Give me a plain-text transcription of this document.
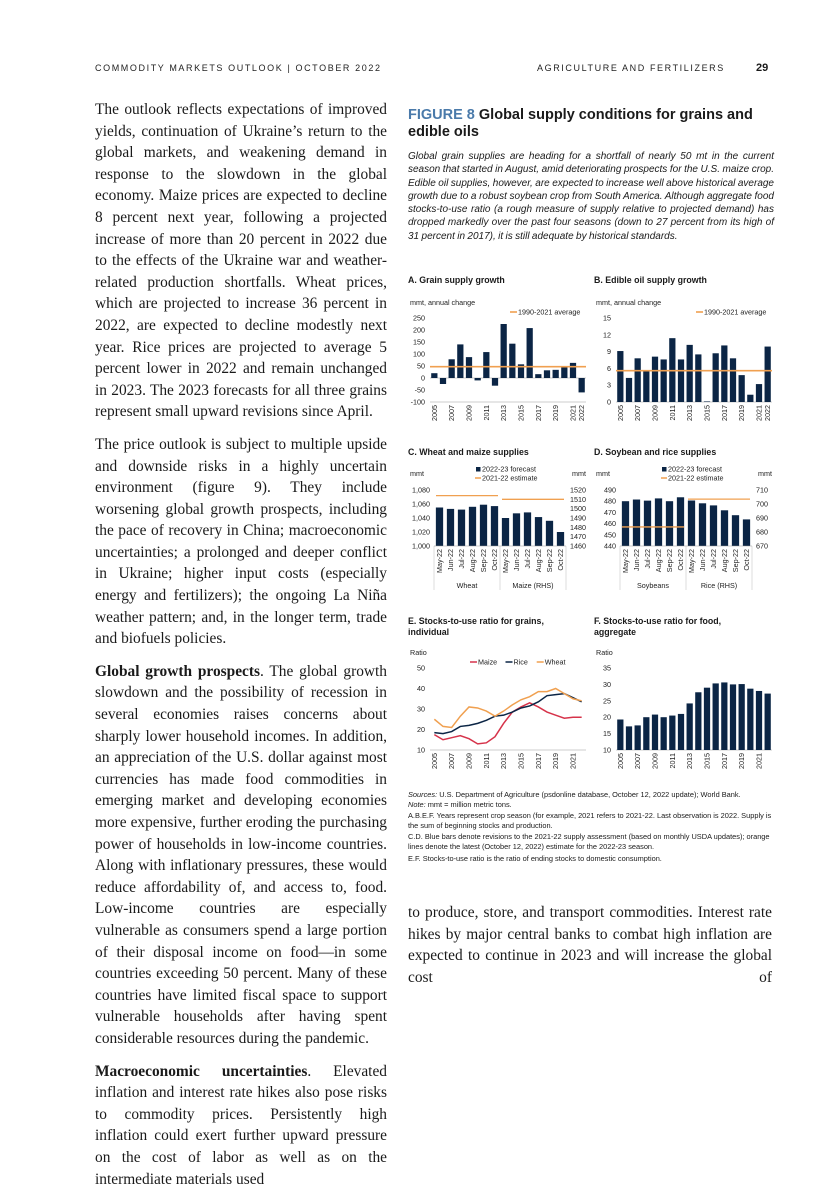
COMMODITY MARKETS OUTLOOK | OCTOBER 2022	AGRICULTURE AND FERTILIZERS	29

The outlook reflects expectations of improved yields, continuation of Ukraine’s return to the global markets, and weakening demand in response to the slowdown in the global economy. Maize prices are expected to decline 8 percent next year, following a projected increase of more than 20 percent in 2022 due to the effects of the Ukraine war and weather-related production shortfalls. Wheat prices, which are projected to increase 36 percent in 2022, are expected to decline modestly next year. Rice prices are projected to average 5 percent lower in 2022 and remain unchanged in 2023. The 2023 forecasts for all three grains represent small upward revisions since April.

The price outlook is subject to multiple upside and downside risks in a highly uncertain environment (figure 9). They include worsening global growth prospects, including the pace of recovery in China; macroeconomic uncertainties; a prolonged and deeper conflict in Ukraine; higher input costs (especially energy and fertilizers); the ongoing La Niña weather pattern; and, in the longer term, trade and biofuels policies.

Global growth prospects. The global growth slowdown and the possibility of recession in several economies raises concerns about sharply lower household incomes. In addition, an appreciation of the U.S. dollar against most currencies has made food commodities in emerging market and developing economies more expensive, further eroding the purchasing power of households in low-income countries. Along with inflationary pressures, these would reduce affordability of, and access to, food. Low-income countries are especially vulnerable as consumers spend a large portion of their disposal income on food—in some countries exceeding 50 percent. Many of these countries have limited fiscal space to support vulnerable households after having spent considerable resources during the pandemic.

Macroeconomic uncertainties. Elevated inflation and interest rate hikes also pose risks to commodity prices. Persistently high inflation could exert further upward pressure on the cost of labor as well as on the intermediate materials used

to produce, store, and transport commodities. Interest rate hikes by major central banks to combat high inflation are expected to continue in 2023 and will increase the global cost of

FIGURE 8 Global supply conditions for grains and edible oils
Global grain supplies are heading for a shortfall of nearly 50 mt in the current season that started in August, amid deteriorating prospects for the U.S. maize crop. Edible oil supplies, however, are expected to increase well above historical average growth due to a robust soybean crop from South America. Although aggregate food stocks-to-use ratio (a rough measure of supply relative to projected demand) has dropped markedly over the past four seasons (down to 27 percent from its high of 31 percent in 2017), it is still adequate by historical standards.
A. Grain supply growth	B. Edible oil supply growth
mmt, annual change
-100
-50
0
50
100
150
200
250
1990-2021 average
2005 2007 2009 2011 2013 2015 2017 2019 2021 2022
mmt, annual change
0
3
6
9
12
15
1990-2021 average
2005 2007 2009 2011 2013 2015 2017 2019 2021 2022
C. Wheat and maize supplies	D. Soybean and rice supplies
mmt	mmt
2022-23 forecast
2021-22 estimate
1,000
1,020
1,040
1,060
1,080
May-22 Jun-22 Jul-22 Aug-22 Sep-22 Oct-22
Wheat
1460
1470
1480
1490
1500
1510
1520
May-22 Jun-22 Jul-22 Aug-22 Sep-22 Oct-22
Maize (RHS)
mmt	mmt
2022-23 forecast
2021-22 estimate
440
450
460
470
480
490
May-22 Jun-22 Jul-22 Aug-22 Sep-22 Oct-22
Soybeans
670
680
690
700
710
May-22 Jun-22 Jul-22 Aug-22 Sep-22 Oct-22
Rice (RHS)
E. Stocks-to-use ratio for grains, individual
F. Stocks-to-use ratio for food, aggregate
Ratio
10
20
30
40
50
Maize Rice Wheat
2005 2007 2009 2011 2013 2015 2017 2019 2021
Ratio
10
15
20
25
30
35
2005 2007 2009 2011 2013 2015 2017 2019 2021
Sources: U.S. Department of Agriculture (psdonline database, October 12, 2022 update); World Bank.
Note: mmt = million metric tons.
A.B.E.F. Years represent crop season (for example, 2021 refers to 2021-22. Last observation is 2022. Supply is the sum of beginning stocks and production.
C.D. Blue bars denote revisions to the 2021-22 supply assessment (based on monthly USDA updates); orange lines denote the latest (October 12, 2022) estimate for the 2022-23 season.
E.F. Stocks-to-use ratio is the ratio of ending stocks to domestic consumption.
